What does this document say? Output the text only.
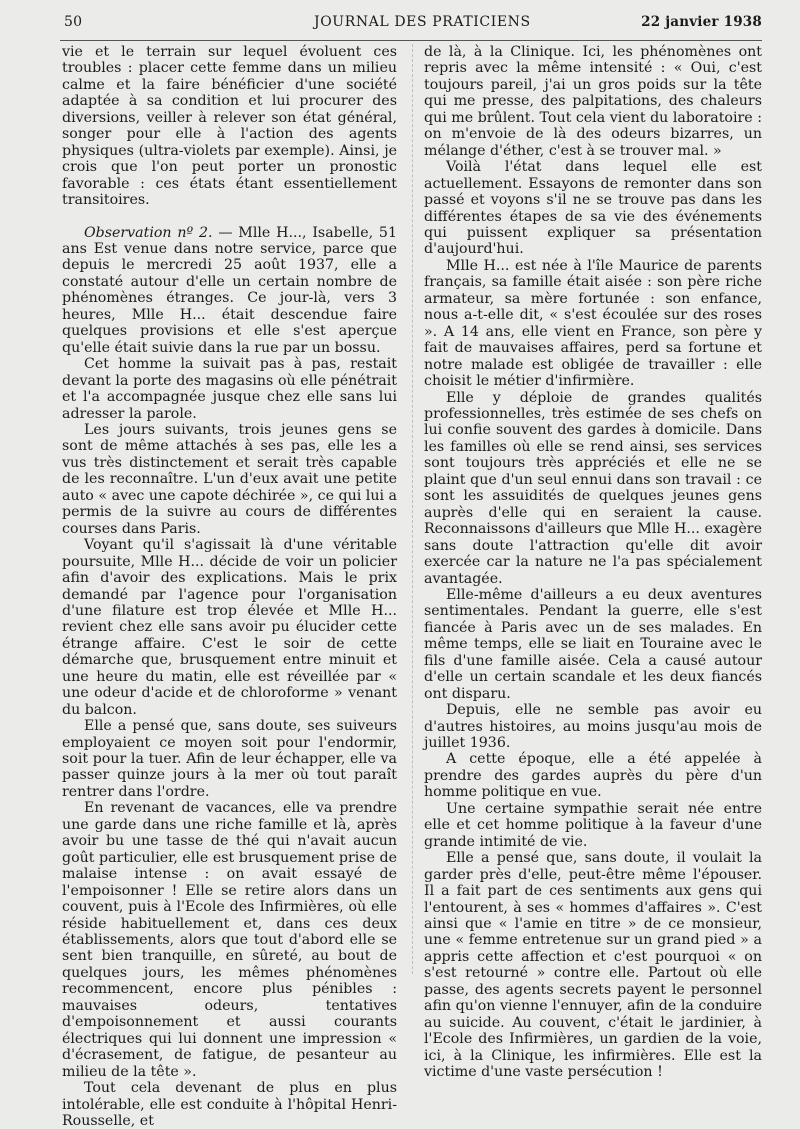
50	JOURNAL DES PRATICIENS	22 janvier 1938

vie et le terrain sur lequel évoluent ces troubles : placer cette femme dans un milieu calme et la faire bénéficier d'une société adaptée à sa condition et lui procurer des diversions, veiller à relever son état général, songer pour elle à l'action des agents physiques (ultra-violets par exemple). Ainsi, je crois que l'on peut porter un pronostic favorable : ces états étant essentiellement transitoires.

Observation nº 2. — Mlle H..., Isabelle, 51 ans Est venue dans notre service, parce que depuis le mercredi 25 août 1937, elle a constaté autour d'elle un certain nombre de phénomènes étranges. Ce jour-là, vers 3 heures, Mlle H... était descendue faire quelques provisions et elle s'est aperçue qu'elle était suivie dans la rue par un bossu.

Cet homme la suivait pas à pas, restait devant la porte des magasins où elle pénétrait et l'a accompagnée jusque chez elle sans lui adresser la parole.

Les jours suivants, trois jeunes gens se sont de même attachés à ses pas, elle les a vus très distinctement et serait très capable de les reconnaître. L'un d'eux avait une petite auto « avec une capote déchirée », ce qui lui a permis de la suivre au cours de différentes courses dans Paris.

Voyant qu'il s'agissait là d'une véritable poursuite, Mlle H... décide de voir un policier afin d'avoir des explications. Mais le prix demandé par l'agence pour l'organisation d'une filature est trop élevée et Mlle H... revient chez elle sans avoir pu élucider cette étrange affaire. C'est le soir de cette démarche que, brusquement entre minuit et une heure du matin, elle est réveillée par « une odeur d'acide et de chloroforme » venant du balcon.

Elle a pensé que, sans doute, ses suiveurs employaient ce moyen soit pour l'endormir, soit pour la tuer. Afin de leur échapper, elle va passer quinze jours à la mer où tout paraît rentrer dans l'ordre.

En revenant de vacances, elle va prendre une garde dans une riche famille et là, après avoir bu une tasse de thé qui n'avait aucun goût particulier, elle est brusquement prise de malaise intense : on avait essayé de l'empoisonner ! Elle se retire alors dans un couvent, puis à l'Ecole des Infirmières, où elle réside habituellement et, dans ces deux établissements, alors que tout d'abord elle se sent bien tranquille, en sûreté, au bout de quelques jours, les mêmes phénomènes recommencent, encore plus pénibles : mauvaises odeurs, tentatives d'empoisonnement et aussi courants électriques qui lui donnent une impression « d'écrasement, de fatigue, de pesanteur au milieu de la tête ».

Tout cela devenant de plus en plus intolérable, elle est conduite à l'hôpital Henri-Rousselle, et

de là, à la Clinique. Ici, les phénomènes ont repris avec la même intensité : « Oui, c'est toujours pareil, j'ai un gros poids sur la tête qui me presse, des palpitations, des chaleurs qui me brûlent. Tout cela vient du laboratoire : on m'envoie de là des odeurs bizarres, un mélange d'éther, c'est à se trouver mal. »

Voilà l'état dans lequel elle est actuellement. Essayons de remonter dans son passé et voyons s'il ne se trouve pas dans les différentes étapes de sa vie des événements qui puissent expliquer sa présentation d'aujourd'hui.

Mlle H... est née à l'île Maurice de parents français, sa famille était aisée : son père riche armateur, sa mère fortunée : son enfance, nous a-t-elle dit, « s'est écoulée sur des roses ». A 14 ans, elle vient en France, son père y fait de mauvaises affaires, perd sa fortune et notre malade est obligée de travailler : elle choisit le métier d'infirmière.

Elle y déploie de grandes qualités professionnelles, très estimée de ses chefs on lui confie souvent des gardes à domicile. Dans les familles où elle se rend ainsi, ses services sont toujours très appréciés et elle ne se plaint que d'un seul ennui dans son travail : ce sont les assuidités de quelques jeunes gens auprès d'elle qui en seraient la cause. Reconnaissons d'ailleurs que Mlle H... exagère sans doute l'attraction qu'elle dit avoir exercée car la nature ne l'a pas spécialement avantagée.

Elle-même d'ailleurs a eu deux aventures sentimentales. Pendant la guerre, elle s'est fiancée à Paris avec un de ses malades. En même temps, elle se liait en Touraine avec le fils d'une famille aisée. Cela a causé autour d'elle un certain scandale et les deux fiancés ont disparu.

Depuis, elle ne semble pas avoir eu d'autres histoires, au moins jusqu'au mois de juillet 1936.

A cette époque, elle a été appelée à prendre des gardes auprès du père d'un homme politique en vue.

Une certaine sympathie serait née entre elle et cet homme politique à la faveur d'une grande intimité de vie.

Elle a pensé que, sans doute, il voulait la garder près d'elle, peut-être même l'épouser. Il a fait part de ces sentiments aux gens qui l'entourent, à ses « hommes d'affaires ». C'est ainsi que « l'amie en titre » de ce monsieur, une « femme entretenue sur un grand pied » a appris cette affection et c'est pourquoi « on s'est retourné » contre elle. Partout où elle passe, des agents secrets payent le personnel afin qu'on vienne l'ennuyer, afin de la conduire au suicide. Au couvent, c'était le jardinier, à l'Ecole des Infirmières, un gardien de la voie, ici, à la Clinique, les infirmières. Elle est la victime d'une vaste persécution !
